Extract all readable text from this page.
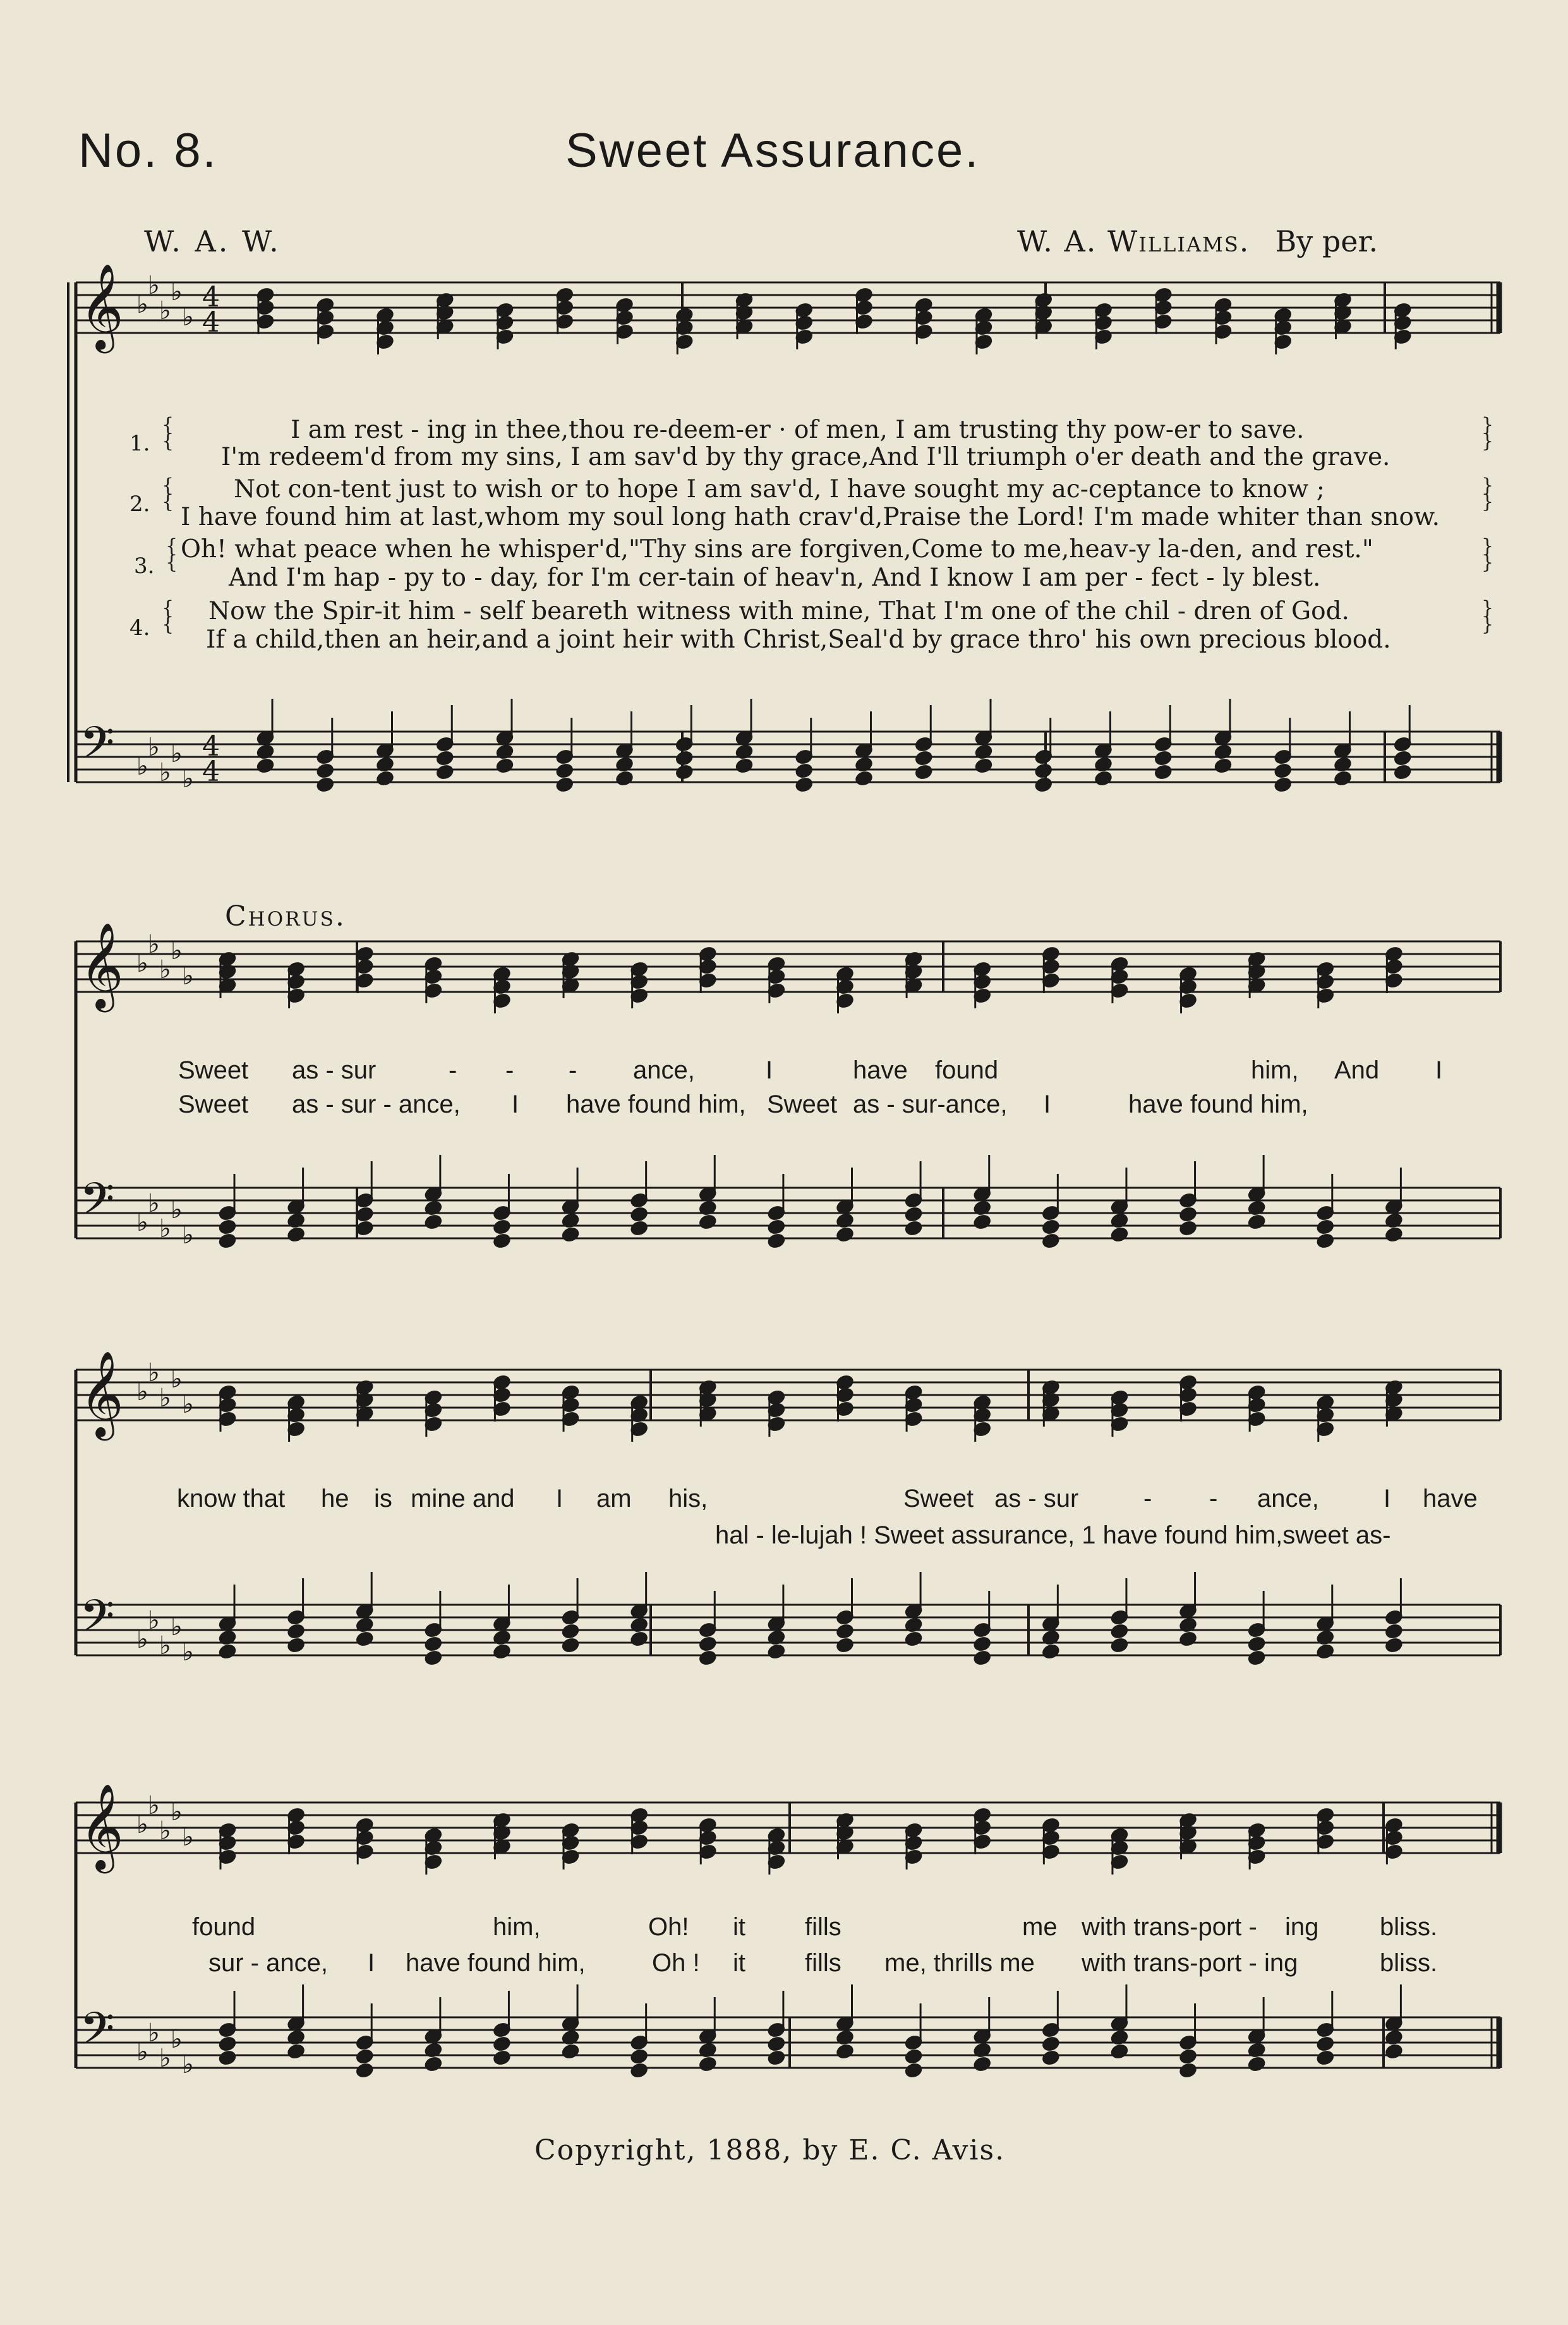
No. 8.	Sweet Assurance.
W. A. W.	W. A. Williams. By per.
𝄞
𝄢
♭
♭
♭
♭
♭
♭
♭
♭
♭
♭
4
4
4
4
𝄞
𝄢
♭
♭
♭
♭
♭
♭
♭
♭
♭
♭
𝄞
𝄢
♭
♭
♭
♭
♭
♭
♭
♭
♭
♭
𝄞
𝄢
♭
♭
♭
♭
♭
♭
♭
♭
♭
♭
1.
{
{	I am rest - ing in thee,thou re-deem-er · of men, I am trusting thy pow-er to save.
I'm redeem'd from my sins, I am sav'd by thy grace,And I'll triumph o'er death and the grave.
}
}
2.
{
{ Not con-tent just to wish or to hope I am sav'd, I have sought my ac-ceptance to know ;
I have found him at last,whom my soul long hath crav'd,Praise the Lord! I'm made whiter than snow.
}
}
3.
{
{ Oh! what peace when he whisper'd,"Thy sins are forgiven,Come to me,heav-y la-den, and rest."
And I'm hap - py to - day, for I'm cer-tain of heav'n, And I know I am per - fect - ly blest.
}
}
4.
{
{ Now the Spir-it him - self beareth witness with mine, That I'm one of the chil - dren of God.
If a child,then an heir,and a joint heir with Christ,Seal'd by grace thro' his own precious blood.
}
}
Chorus.
Sweet as - sur	- - - ance,	I	have found	him, And I
Sweet as - sur - ance, I have found him, Sweet as - sur-ance, I	have found him,
know that he is mine and I am his,	Sweet as - sur	- - ance,	I have
hal - le-lujah ! Sweet assurance, 1 have found him,sweet as-
found	him,	Oh! it fills	me with trans-port - ing bliss.
sur - ance, I have found him,	Oh ! it fills me, thrills me with trans-port - ing	bliss.
Copyright, 1888, by E. C. Avis.
